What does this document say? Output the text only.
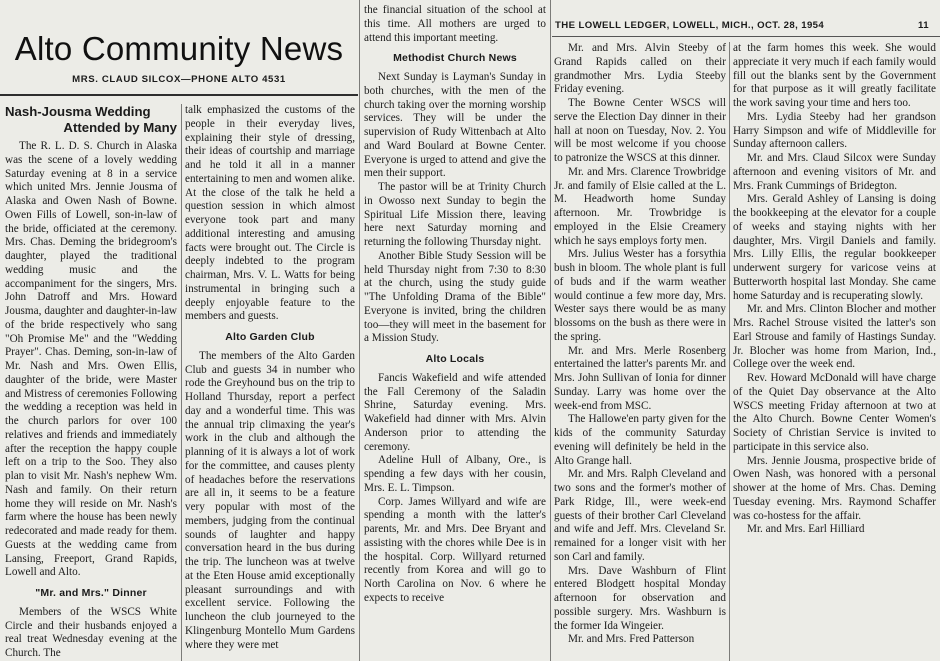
Alto Community News
MRS. CLAUD SILCOX—PHONE ALTO 4531
THE LOWELL LEDGER, LOWELL, MICH., OCT. 28, 1954	11
Nash-Jousma Wedding
Attended by Many

The R. L. D. S. Church in Alaska was the scene of a lovely wedding Saturday evening at 8 in a service which united Mrs. Jennie Jousma of Alaska and Owen Nash of Bowne. Owen Fills of Lowell, son-in-law of the bride, officiated at the ceremony. Mrs. Chas. Deming the bridegroom's daughter, played the traditional wedding music and the accompaniment for the singers, Mrs. John Datroff and Mrs. Howard Jousma, daughter and daughter-in-law of the bride respectively who sang "Oh Promise Me" and the "Wedding Prayer". Chas. Deming, son-in-law of Mr. Nash and Mrs. Owen Ellis, daughter of the bride, were Master and Mistress of ceremonies Following the wedding a reception was held in the church parlors for over 100 relatives and friends and immediately after the reception the happy couple left on a trip to the Soo. They also plan to visit Mr. Nash's nephew Wm. Nash and family. On their return home they will reside on Mr. Nash's farm where the house has been newly redecorated and made ready for them. Guests at the wedding came from Lansing, Freeport, Grand Rapids, Lowell and Alto.

"Mr. and Mrs." Dinner

Members of the WSCS White Circle and their husbands enjoyed a real treat Wednesday evening at the Church. The

talk emphasized the customs of the people in their everyday lives, explaining their style of dressing, their ideas of courtship and marriage and he told it all in a manner entertaining to men and women alike. At the close of the talk he held a question session in which almost everyone took part and many additional interesting and amusing facts were brought out. The Circle is deeply indebted to the program chairman, Mrs. V. L. Watts for being instrumental in bringing such a deeply enjoyable feature to the members and guests.

Alto Garden Club

The members of the Alto Garden Club and guests 34 in number who rode the Greyhound bus on the trip to Holland Thursday, report a perfect day and a wonderful time. This was the annual trip climaxing the year's work in the club and although the planning of it is always a lot of work for the committee, and causes plenty of headaches before the reservations are all in, it seems to be a feature very popular with most of the members, judging from the continual sounds of laughter and happy conversation heard in the bus during the trip. The luncheon was at twelve at the Eten House amid exceptionally pleasant surroundings and with excellent service. Following the luncheon the club journeyed to the Klingenburg Montello Mum Gardens where they were met

the financial situation of the school at this time. All mothers are urged to attend this important meeting.

Methodist Church News

Next Sunday is Layman's Sunday in both churches, with the men of the church taking over the morning worship services. They will be under the supervision of Rudy Wittenbach at Alto and Ward Boulard at Bowne Center. Everyone is urged to attend and give the men their support.

The pastor will be at Trinity Church in Owosso next Sunday to begin the Spiritual Life Mission there, leaving here next Saturday morning and returning the following Thursday night.

Another Bible Study Session will be held Thursday night from 7:30 to 8:30 at the church, using the study guide "The Unfolding Drama of the Bible" Everyone is invited, bring the children too—they will meet in the basement for a Mission Study.

Alto Locals

Fancis Wakefield and wife attended the Fall Ceremony of the Saladin Shrine, Saturday evening. Mrs. Wakefield had dinner with Mrs. Alvin Anderson prior to attending the ceremony.

Adeline Hull of Albany, Ore., is spending a few days with her cousin, Mrs. E. L. Timpson.

Corp. James Willyard and wife are spending a month with the latter's parents, Mr. and Mrs. Dee Bryant and assisting with the chores while Dee is in the hospital. Corp. Willyard returned recently from Korea and will go to North Carolina on Nov. 6 where he expects to receive

Mr. and Mrs. Alvin Steeby of Grand Rapids called on their grandmother Mrs. Lydia Steeby Friday evening.

The Bowne Center WSCS will serve the Election Day dinner in their hall at noon on Tuesday, Nov. 2. You will be most welcome if you choose to patronize the WSCS at this dinner.

Mr. and Mrs. Clarence Trowbridge Jr. and family of Elsie called at the L. M. Headworth home Sunday afternoon. Mr. Trowbridge is employed in the Elsie Creamery which he says employs forty men.

Mrs. Julius Wester has a forsythia bush in bloom. The whole plant is full of buds and if the warm weather would continue a few more day, Mrs. Wester says there would be as many blossoms on the bush as there were in the spring.

Mr. and Mrs. Merle Rosenberg entertained the latter's parents Mr. and Mrs. John Sullivan of Ionia for dinner Sunday. Larry was home over the week-end from MSC.

The Hallowe'en party given for the kids of the community Saturday evening will definitely be held in the Alto Grange hall.

Mr. and Mrs. Ralph Cleveland and two sons and the former's mother of Park Ridge, Ill., were week-end guests of their brother Carl Cleveland and wife and Jeff. Mrs. Cleveland Sr. remained for a longer visit with her son Carl and family.

Mrs. Dave Washburn of Flint entered Blodgett hospital Monday afternoon for observation and possible surgery. Mrs. Washburn is the former Ida Wingeier.

Mr. and Mrs. Fred Patterson

at the farm homes this week. She would appreciate it very much if each family would fill out the blanks sent by the Government for that purpose as it will greatly facilitate the work saving your time and hers too.

Mrs. Lydia Steeby had her grandson Harry Simpson and wife of Middleville for Sunday afternoon callers.

Mr. and Mrs. Claud Silcox were Sunday afternoon and evening visitors of Mr. and Mrs. Frank Cummings of Bridegton.

Mrs. Gerald Ashley of Lansing is doing the bookkeeping at the elevator for a couple of weeks and staying nights with her daughter, Mrs. Virgil Daniels and family. Mrs. Lilly Ellis, the regular bookkeeper underwent surgery for varicose veins at Butterworth hospital last Monday. She came home Saturday and is recuperating slowly.

Mr. and Mrs. Clinton Blocher and mother Mrs. Rachel Strouse visited the latter's son Earl Strouse and family of Hastings Sunday. Jr. Blocher was home from Marion, Ind., College over the week end.

Rev. Howard McDonald will have charge of the Quiet Day observance at the Alto WSCS meeting Friday afternoon at two at the Alto Church. Bowne Center Women's Society of Christian Service is invited to participate in this service also.

Mrs. Jennie Jousma, prospective bride of Owen Nash, was honored with a personal shower at the home of Mrs. Chas. Deming Tuesday evening. Mrs. Raymond Schaffer was co-hostess for the affair.

Mr. and Mrs. Earl Hilliard
